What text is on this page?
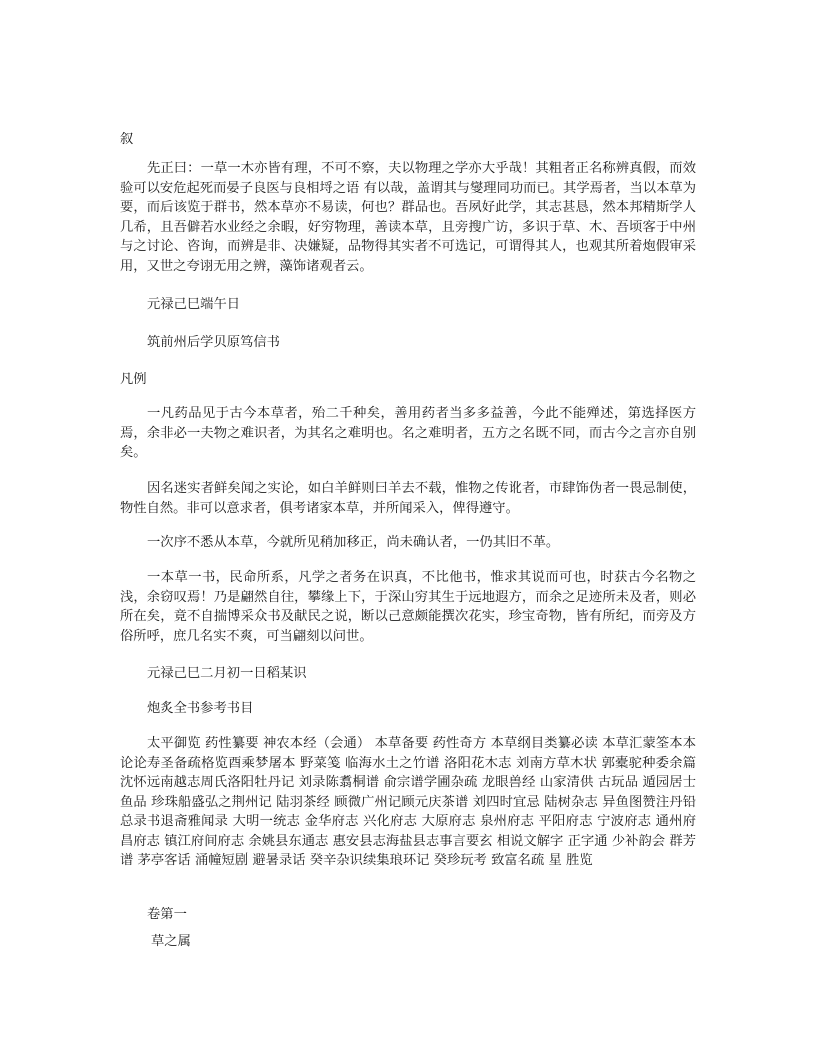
叙

先正曰：一草一木亦皆有理，不可不察，夫以物理之学亦大乎哉！其粗者正名称辨真假，而效验可以安危起死而晏子良医与良相埒之语 有以哉，盖谓其与燮理同功而已。其学焉者，当以本草为要，而后该览于群书，然本草亦不易读，何也？群品也。吾夙好此学，其志甚恳，然本邦精斯学人几希，且吾僻若水业经之余暇，好穷物理，善读本草，且旁搜广访，多识于草、木、吾顷客于中州与之讨论、咨询，而辨是非、决嫌疑，品物得其实者不可选记，可谓得其人，也观其所着炮假审采用，又世之夸诩无用之辨，藻饰诸观者云。

元禄己巳端午日

筑前州后学贝原笃信书

凡例

一凡药品见于古今本草者，殆二千种矣，善用药者当多多益善，今此不能殚述，第选择医方焉，余非必一夫物之难识者，为其名之难明也。名之难明者，五方之名既不同，而古今之言亦自别矣。

因名迷实者鲜矣闻之实论，如白羊鲜则曰羊去不载，惟物之传讹者，市肆饰伪者一畏忌制使，物性自然。非可以意求者，俱考诸家本草，并所闻采入，俾得遵守。

一次序不悉从本草，今就所见稍加移正，尚未确认者，一仍其旧不革。

一本草一书，民命所系，凡学之者务在识真，不比他书，惟求其说而可也，时获古今名物之浅，余窃叹焉！乃是翩然自往，攀缘上下，于深山穷其生于远地遐方，而余之足迹所未及者，则必所在矣，竟不自揣博采众书及献民之说，断以己意颇能撰次花实，珍宝奇物，皆有所纪，而旁及方俗所呼，庶几名实不爽，可当翩刻以问世。

元禄己巳二月初一日稻某识

炮炙全书参考书目

太平御览 药性纂要 神农本经（会通） 本草备要 药性奇方 本草纲目类纂必读 本草汇蒙筌本本论论寿圣备疏格览酉乘梦屠本 野菜笺 临海水土之竹谱 洛阳花木志 刘南方草木状 郭橐驼种委余篇 沈怀远南越志周氏洛阳牡丹记 刘录陈翥桐谱 俞宗谱学圃杂疏 龙眼兽经 山家清供 古玩品 遁园居士鱼品 珍珠船盛弘之荆州记 陆羽茶经 顾微广州记顾元庆茶谱 刘四时宜忌 陆树杂志 异鱼图赞注丹铅总录书退斋雅闻录 大明一统志 金华府志 兴化府志 大原府志 泉州府志 平阳府志 宁波府志 通州府昌府志 镇江府间府志 余姚县东通志 惠安县志海盐县志事言要玄 相说文解字 正字通 少补韵会 群芳谱 茅亭客话 涌幢短剧 避暑录话 癸辛杂识续集琅环记 癸珍玩考 致富名疏 星 胜览

卷第一

草之属
